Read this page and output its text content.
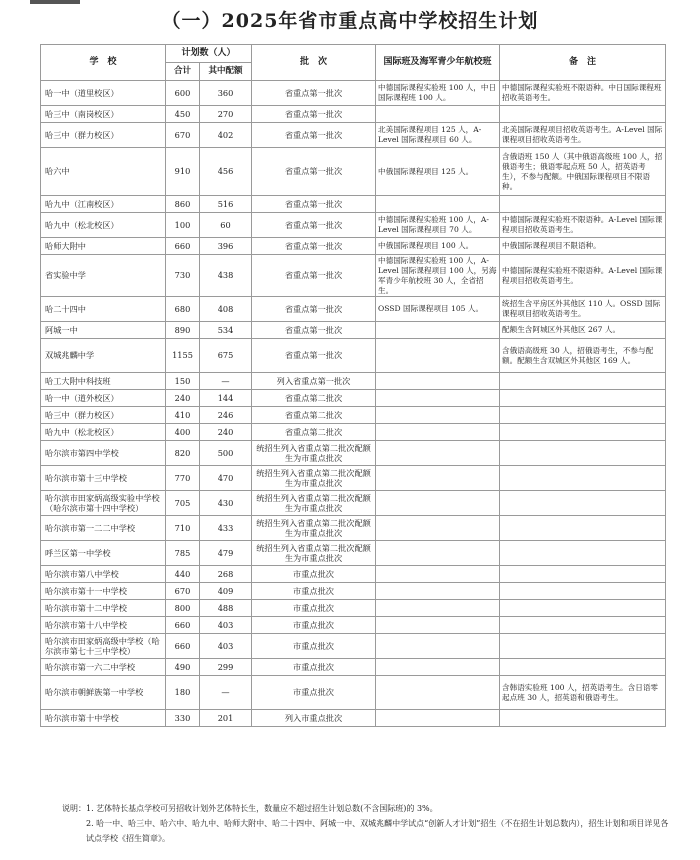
（一）2025年省市重点高中学校招生计划
学　校	计划数（人）		批　次	国际班及海军青少年航校班	备　注
	合计	其中配额			
哈一中（道里校区）	600	360	省重点第一批次	中德国际课程实验班 100 人，中日国际课程班 100 人。	中德国际课程实验班不限语种。中日国际课程班招收英语考生。
哈三中（南岗校区）	450	270	省重点第一批次		
哈三中（群力校区）	670	402	省重点第一批次	北美国际课程项目 125 人，A-Level 国际课程项目 60 人。	北美国际课程项目招收英语考生。A-Level 国际课程项目招收英语考生。
哈六中	910	456	省重点第一批次	中俄国际课程项目 125 人。	含俄语班 150 人（其中俄语高级班 100 人，招俄语考生；俄语零起点班 50 人，招英语考生），不参与配额。中俄国际课程项目不限语种。
哈九中（江南校区）	860	516	省重点第一批次		
哈九中（松北校区）	100	60	省重点第一批次	中德国际课程实验班 100 人，A-Level 国际课程项目 70 人。	中德国际课程实验班不限语种。A-Level 国际课程项目招收英语考生。
哈师大附中	660	396	省重点第一批次	中俄国际课程项目 100 人。	中俄国际课程项目不限语种。
省实验中学	730	438	省重点第一批次	中德国际课程实验班 100 人，A-Level 国际课程项目 100 人，另海军青少年航校班 30 人，全省招生。	中德国际课程实验班不限语种。A-Level 国际课程项目招收英语考生。
哈二十四中	680	408	省重点第一批次	OSSD 国际课程项目 105 人。	统招生含平房区外其他区 110 人。OSSD 国际课程项目招收英语考生。
阿城一中	890	534	省重点第一批次		配额生含阿城区外其他区 267 人。
双城兆麟中学	1155	675	省重点第一批次		含俄语高级班 30 人，招俄语考生，不参与配额。配额生含双城区外其他区 169 人。
哈工大附中科技班	150	—	列入省重点第一批次		
哈一中（道外校区）	240	144	省重点第二批次		
哈三中（群力校区）	410	246	省重点第二批次		
哈九中（松北校区）	400	240	省重点第二批次		
哈尔滨市第四中学校	820	500	统招生列入省重点第二批次配额生为市重点批次		
哈尔滨市第十三中学校	770	470	统招生列入省重点第二批次配额生为市重点批次		
哈尔滨市田家炳高级实验中学校（哈尔滨市第十四中学校）	705	430	统招生列入省重点第二批次配额生为市重点批次		
哈尔滨市第一二二中学校	710	433	统招生列入省重点第二批次配额生为市重点批次		
呼兰区第一中学校	785	479	统招生列入省重点第二批次配额生为市重点批次		
哈尔滨市第八中学校	440	268	市重点批次		
哈尔滨市第十一中学校	670	409	市重点批次		
哈尔滨市第十二中学校	800	488	市重点批次		
哈尔滨市第十八中学校	660	403	市重点批次		
哈尔滨市田家炳高级中学校（哈尔滨市第七十三中学校）	660	403	市重点批次		
哈尔滨市第一六二中学校	490	299	市重点批次		
哈尔滨市朝鲜族第一中学校	180	—	市重点批次		含韩语实验班 100 人，招英语考生。含日语零起点班 30 人，招英语和俄语考生。
哈尔滨市第十中学校	330	201	列入市重点批次		

说明：1. 艺体特长基点学校可另招收计划外艺体特长生，数量应不超过招生计划总数(不含国际班)的 3%。

2. 哈一中、哈三中、哈六中、哈九中、哈师大附中、哈二十四中、阿城一中、双城兆麟中学试点“创新人才计划”招生（不在招生计划总数内），招生计划和项目详见各试点学校《招生简章》。
